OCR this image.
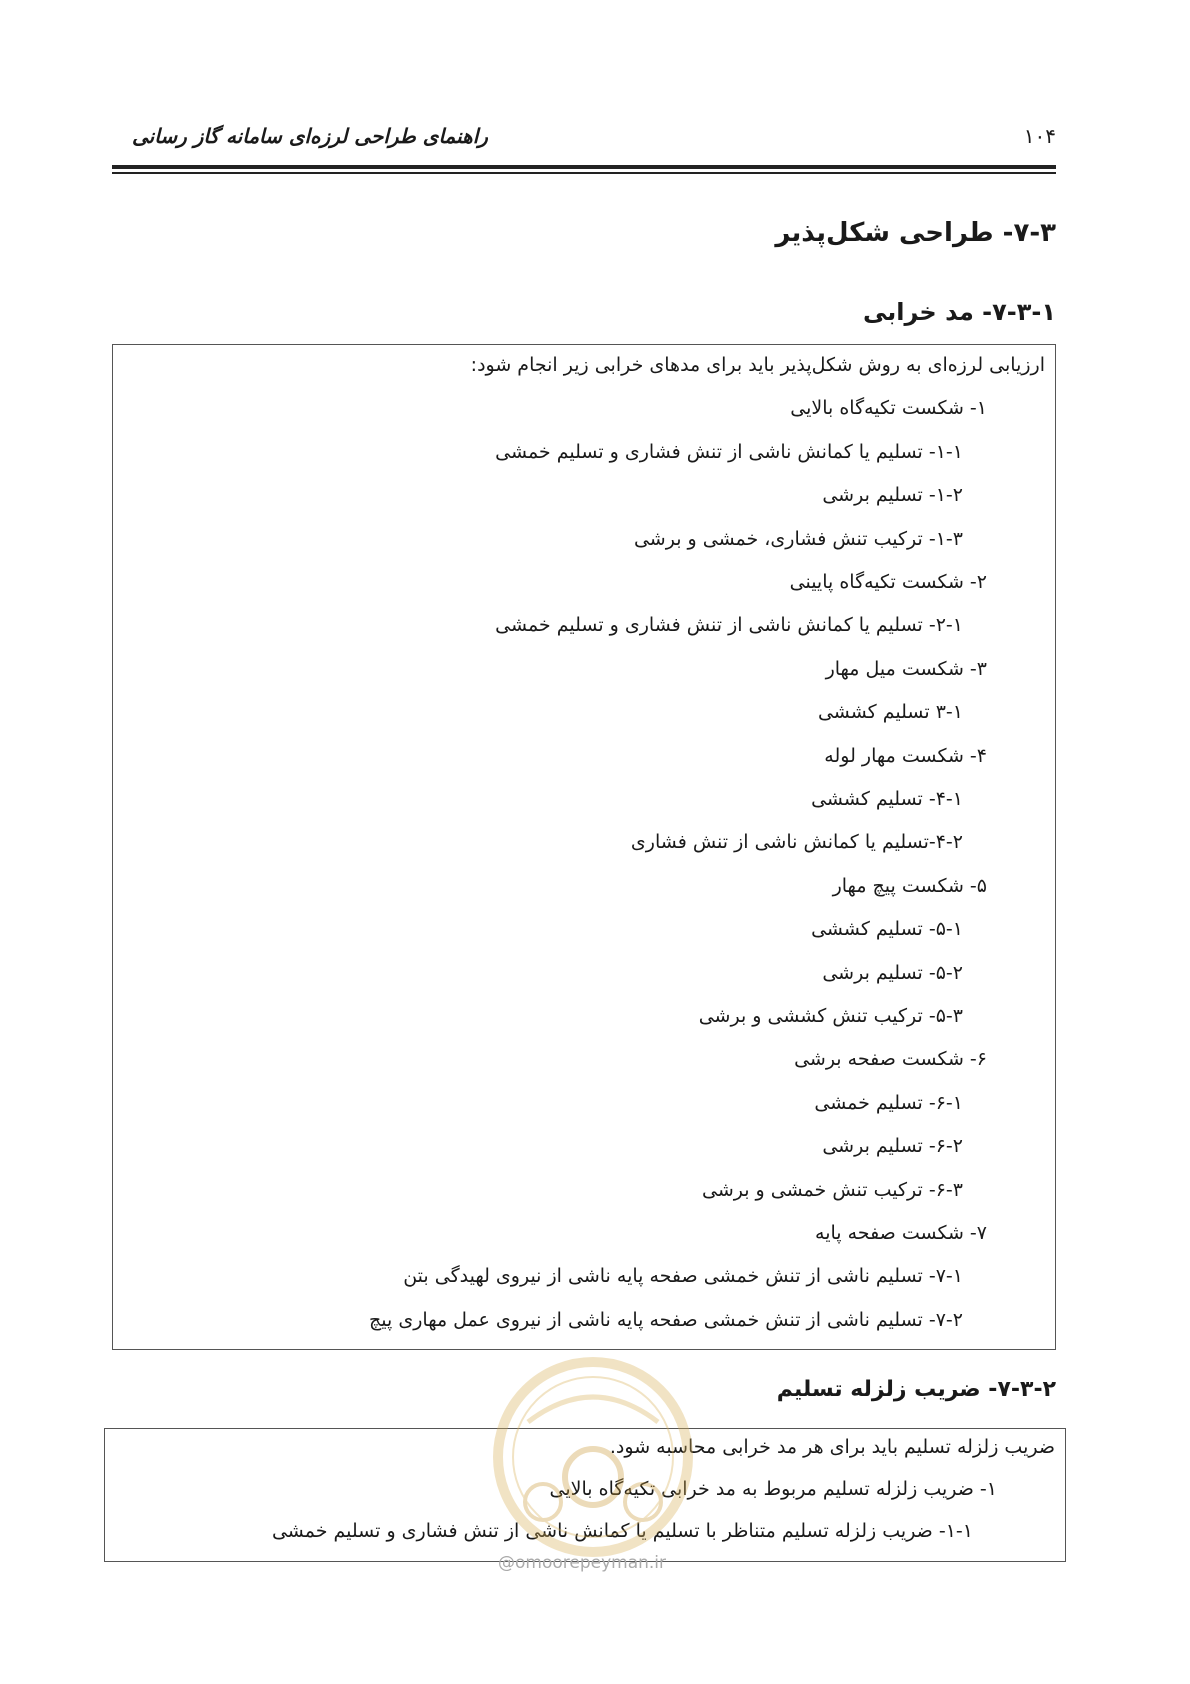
۱۰۴
راهنمای طراحی لرزه‌ای سامانه گاز رسانی
۷-۳- طراحی شکل‌پذیر
۷-۳-۱- مد خرابی
ارزیابی لرزه‌ای به روش شکل‌پذیر باید برای مدهای خرابی زیر انجام شود:
۱- شکست تکیه‌گاه بالایی
۱-۱- تسلیم یا کمانش ناشی از تنش فشاری و تسلیم خمشی
۱-۲- تسلیم برشی
۱-۳- ترکیب تنش فشاری، خمشی و برشی
۲- شکست تکیه‌گاه پایینی
۲-۱- تسلیم یا کمانش ناشی از تنش فشاری و تسلیم خمشی
۳- شکست میل مهار
۳-۱ تسلیم کششی
۴- شکست مهار لوله
۴-۱- تسلیم کششی
۴-۲-تسلیم یا کمانش ناشی از تنش فشاری
۵- شکست پیچ مهار
۵-۱- تسلیم کششی
۵-۲- تسلیم برشی
۵-۳- ترکیب تنش کششی و برشی
۶- شکست صفحه برشی
۶-۱- تسلیم خمشی
۶-۲- تسلیم برشی
۶-۳- ترکیب تنش خمشی و برشی
۷- شکست صفحه پایه
۷-۱- تسلیم ناشی از تنش خمشی صفحه پایه ناشی از نیروی لهیدگی بتن
۷-۲- تسلیم ناشی از تنش خمشی صفحه پایه ناشی از نیروی عمل مهاری پیچ
۷-۳-۲- ضریب زلزله تسلیم
ضریب زلزله تسلیم باید برای هر مد خرابی محاسبه شود.
۱- ضریب زلزله تسلیم مربوط به مد خرابی تکیه‌گاه بالایی
۱-۱- ضریب زلزله تسلیم متناظر با تسلیم یا کمانش ناشی از تنش فشاری و تسلیم خمشی
@omoorepeyman.ir
